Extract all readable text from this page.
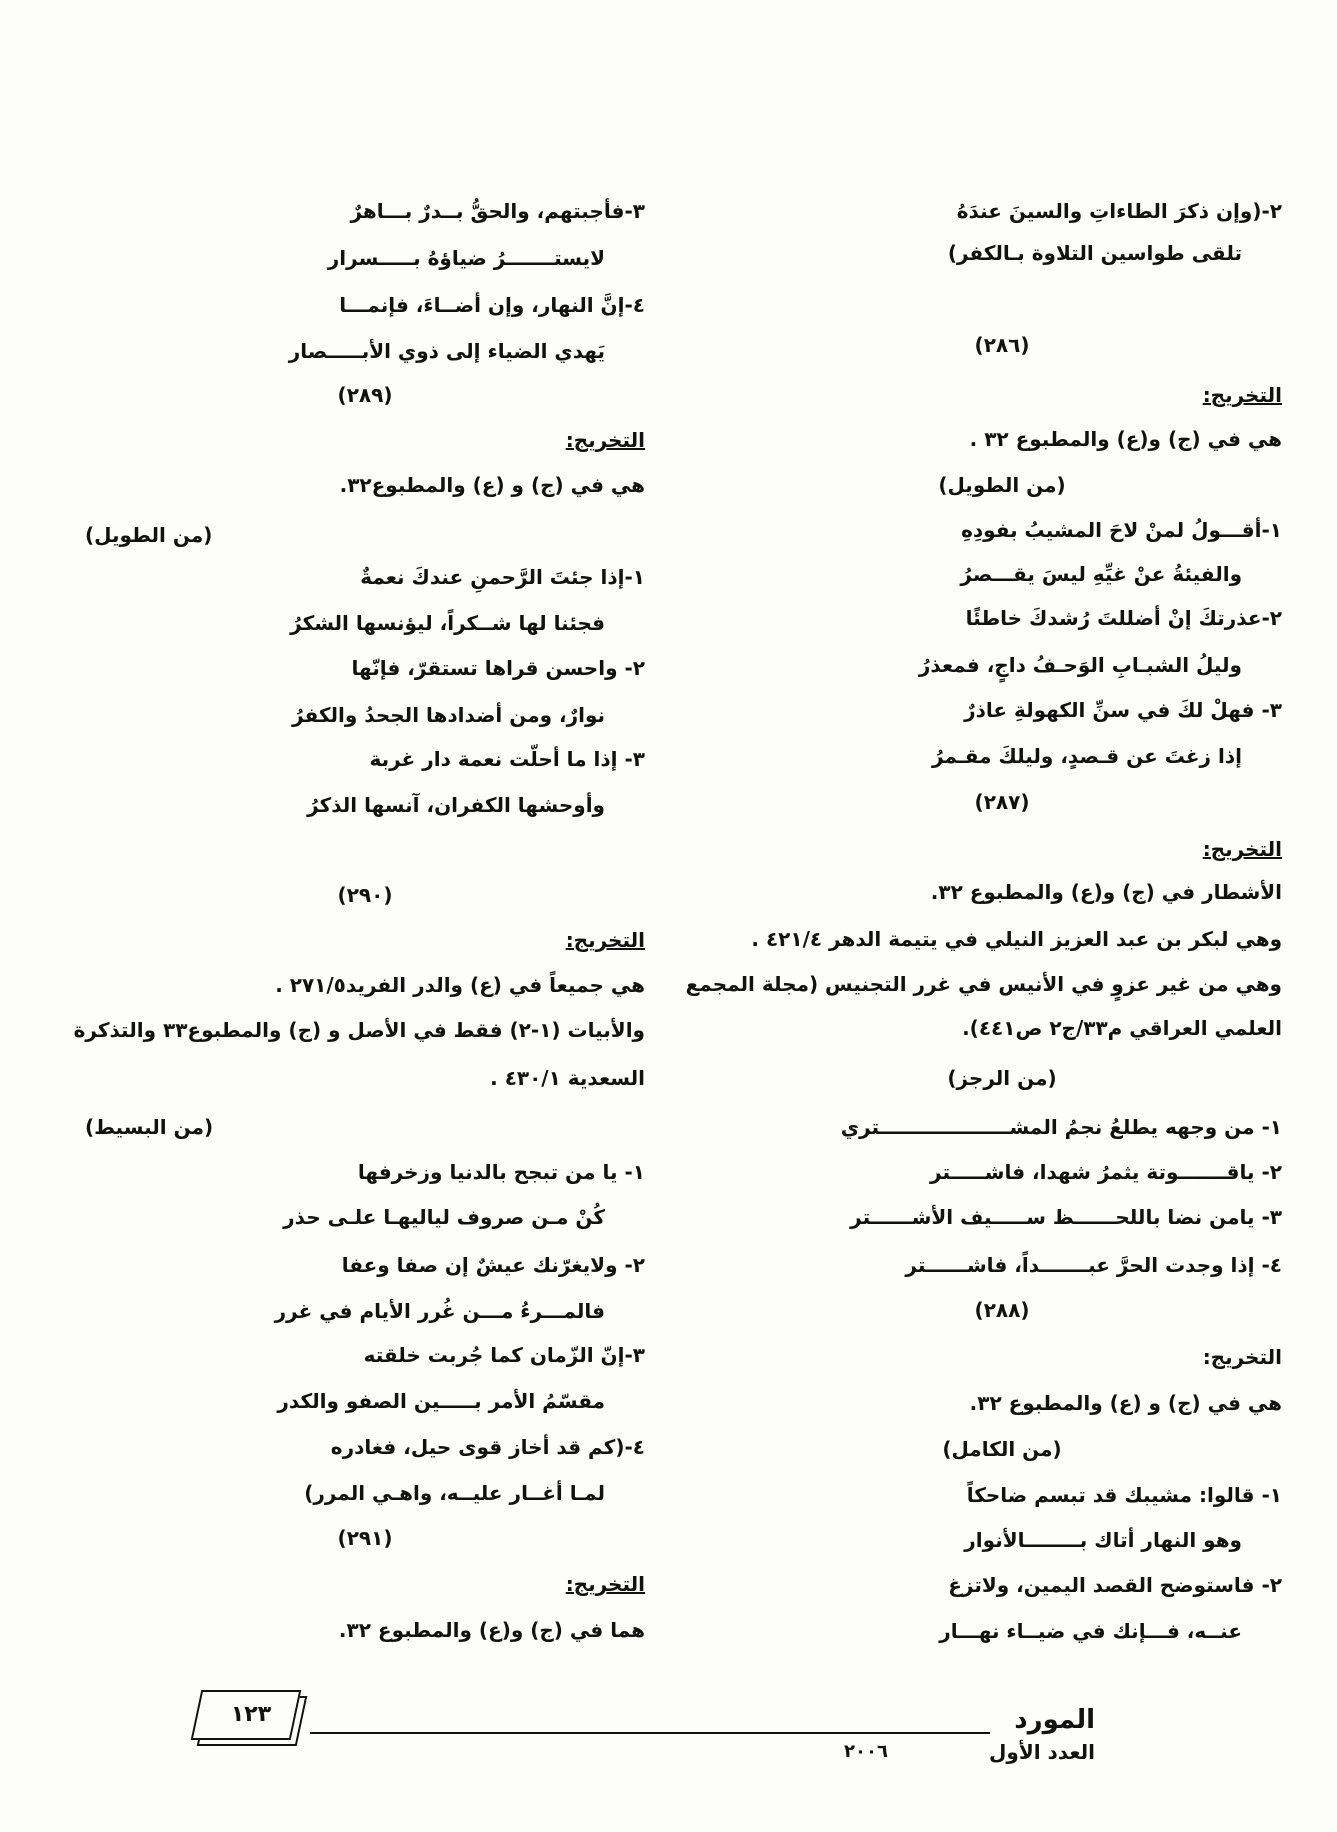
٢-(وإن ذكرَ الطاءاتِ والسينَ عندَهُ
تلقى طواسين التلاوة بـالكفر)
(٢٨٦)
التخريج:
هي في (ج) و(ع) والمطبوع ٣٢ .
(من الطويل)
١-أقـــولُ لمنْ لاحَ المشيبُ بفودِهِ
والفيئةُ عنْ غيِّهِ ليسَ يقـــصرُ
٢-عذرتكَ إنْ أضللتَ رُشدكَ خاطئًا
وليلُ الشبـابِ الوَحـفُ داجٍ، فمعذرُ
٣- فهلْ لكَ في سنِّ الكهولةِ عاذرٌ
إذا زغتَ عن قـصدٍ، وليلكَ مقـمرُ
(٢٨٧)
التخريج:
الأشطار في (ج) و(ع) والمطبوع ٣٢.
وهي لبكر بن عبد العزيز النيلي في يتيمة الدهر ٤٢١/٤ .
وهي من غير عزوٍ في الأنيس في غرر التجنيس (مجلة المجمع
العلمي العراقي م٣٣/ج٢ ص٤٤١).
(من الرجز)
١- من وجهه يطلعُ نجمُ المشـــــــــــــــــــتري
٢- ياقـــــــوتة يثمرُ شهدا، فاشـــــتر
٣- يامن نضا باللحــــــظ ســـــيف الأشــــــتر
٤- إذا وجدت الحرَّ عبـــــــداً، فاشــــــتر
(٢٨٨)
التخريج:
هي في (ج) و (ع) والمطبوع ٣٢.
(من الكامل)
١- قالوا: مشيبك قد تبسم ضاحكاً
وهو النهار أتاك بــــــــالأنوار
٢- فاستوضح القصد اليمين، ولاتزغ
عنــه، فـــإنك في ضيــاء نهـــار
٣-فأجبتهم، والحقُّ بــدرٌ بـــاهرٌ
لايستـــــــرُ ضياؤهُ بـــــسرار
٤-إنَّ النهار، وإن أضــاءَ، فإنمـــا
يَهدي الضياء إلى ذوي الأبـــــصار
(٢٨٩)
التخريج:
هي في (ج) و (ع) والمطبوع٣٢.
(من الطويل)
١-إذا جئتَ الرَّحمنِ عندكَ نعمةٌ
فجئنا لها شــكراً، ليؤنسها الشكرُ
٢- واحسن قراها تستقرّ، فإنّها
نوارٌ، ومن أضدادها الجحدُ والكفرُ
٣- إذا ما أحلّت نعمة دار غربة
وأوحشها الكفران، آنسها الذكرُ
(٢٩٠)
التخريج:
هي جميعاً في (ع) والدر الفريد٢٧١/٥ .
والأبيات (١-٢) فقط في الأصل و (ج) والمطبوع٣٣ والتذكرة
السعدية ٤٣٠/١ .
(من البسيط)
١- يا من تبجح بالدنيا وزخرفها
كُنْ مـن صروف لياليهـا علـى حذر
٢- ولايغرّنك عيشٌ إن صفا وعفا
فالمـــرءُ مـــن غُرر الأيام في غرر
٣-إنّ الزّمان كما جُربت خلقته
مقسّمُ الأمر بـــــين الصفو والكدر
٤-(كم قد أخاز قوى حيل، فغادره
لمـا أغــار عليــه، واهـي المرر)
(٢٩١)
التخريج:
هما في (ج) و(ع) والمطبوع ٣٢.
١٢٣	المورد
العدد الأول
٢٠٠٦
